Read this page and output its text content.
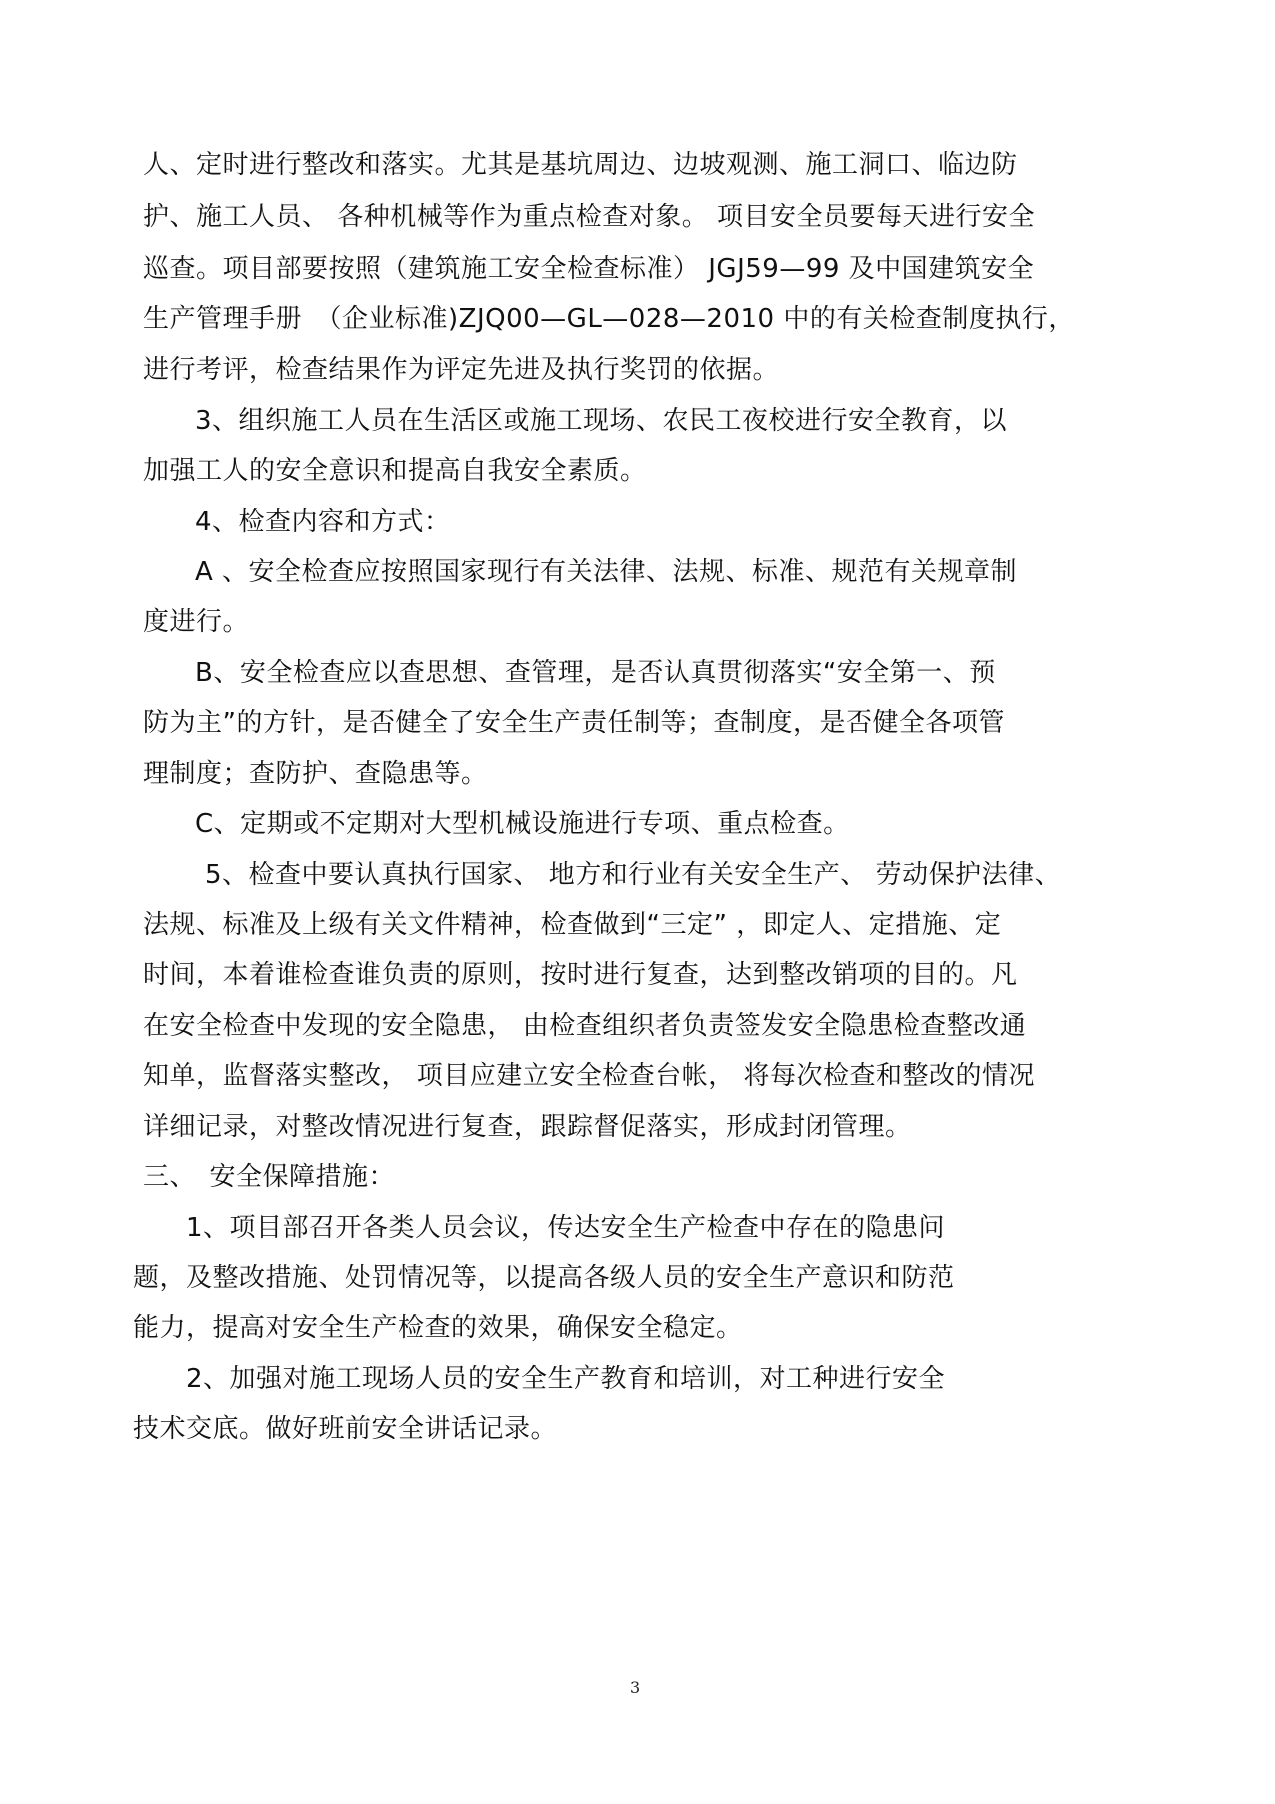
人、定时进行整改和落实。尤其是基坑周边、边坡观测、施工洞口、临边防
护、施工人员、 各种机械等作为重点检查对象。 项目安全员要每天进行安全
巡查。项目部要按照（建筑施工安全检查标准） JGJ59—99 及中国建筑安全
生产管理手册　（企业标准)ZJQ00—GL—028—2010 中的有关检查制度执行，
进行考评，检查结果作为评定先进及执行奖罚的依据。
3、组织施工人员在生活区或施工现场、农民工夜校进行安全教育，以
加强工人的安全意识和提高自我安全素质。
4、检查内容和方式：
A 、安全检查应按照国家现行有关法律、法规、标准、规范有关规章制
度进行。
B、安全检查应以查思想、查管理，是否认真贯彻落实“安全第一、预
防为主”的方针，是否健全了安全生产责任制等；查制度，是否健全各项管
理制度；查防护、查隐患等。
C、定期或不定期对大型机械设施进行专项、重点检查。
5、检查中要认真执行国家、 地方和行业有关安全生产、 劳动保护法律、
法规、标准及上级有关文件精神，检查做到“三定” ，即定人、定措施、定
时间，本着谁检查谁负责的原则，按时进行复查，达到整改销项的目的。凡
在安全检查中发现的安全隐患， 由检查组织者负责签发安全隐患检查整改通
知单，监督落实整改， 项目应建立安全检查台帐， 将每次检查和整改的情况
详细记录，对整改情况进行复查，跟踪督促落实，形成封闭管理。
三、　安全保障措施：
1、项目部召开各类人员会议，传达安全生产检查中存在的隐患问
题，及整改措施、处罚情况等，以提高各级人员的安全生产意识和防范
能力，提高对安全生产检查的效果，确保安全稳定。
2、加强对施工现场人员的安全生产教育和培训，对工种进行安全
技术交底。做好班前安全讲话记录。
3
